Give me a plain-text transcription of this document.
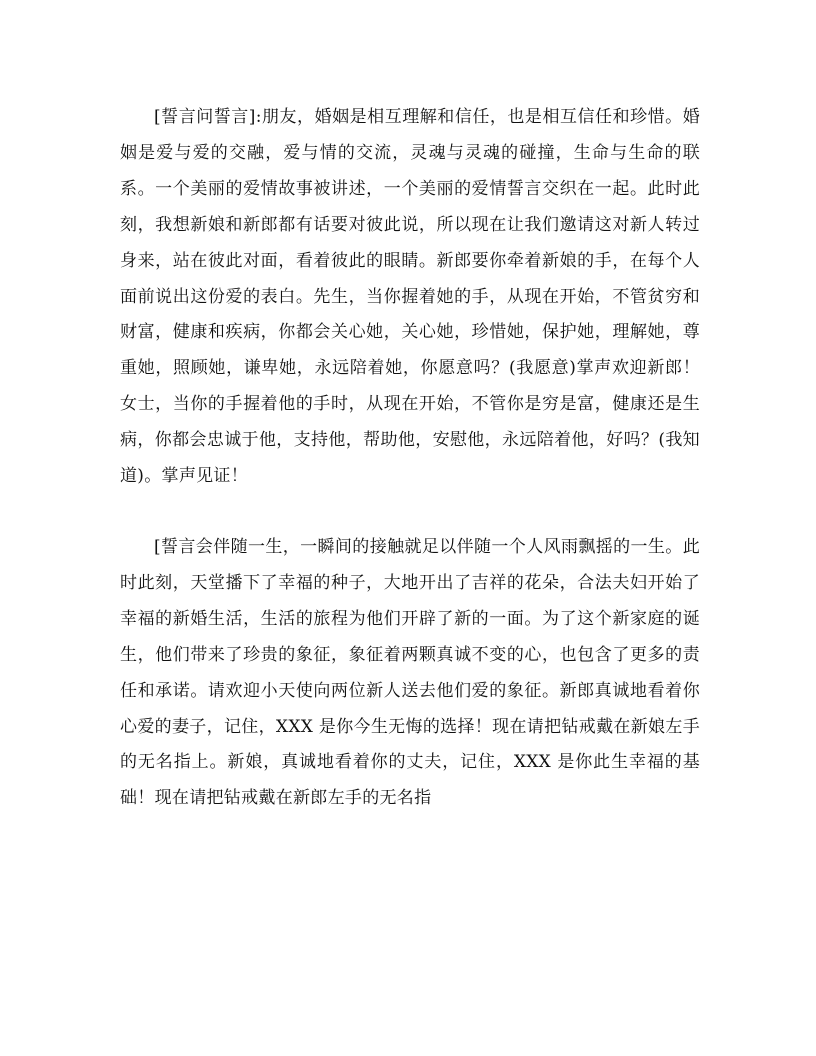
[誓言问誓言]:朋友，婚姻是相互理解和信任，也是相互信任和珍惜。婚姻是爱与爱的交融，爱与情的交流，灵魂与灵魂的碰撞，生命与生命的联系。一个美丽的爱情故事被讲述，一个美丽的爱情誓言交织在一起。此时此刻，我想新娘和新郎都有话要对彼此说，所以现在让我们邀请这对新人转过身来，站在彼此对面，看着彼此的眼睛。新郎要你牵着新娘的手，在每个人面前说出这份爱的表白。先生，当你握着她的手，从现在开始，不管贫穷和财富，健康和疾病，你都会关心她，关心她，珍惜她，保护她，理解她，尊重她，照顾她，谦卑她，永远陪着她，你愿意吗？(我愿意)掌声欢迎新郎！女士，当你的手握着他的手时，从现在开始，不管你是穷是富，健康还是生病，你都会忠诚于他，支持他，帮助他，安慰他，永远陪着他，好吗？(我知道)。掌声见证！

[誓言会伴随一生，一瞬间的接触就足以伴随一个人风雨飘摇的一生。此时此刻，天堂播下了幸福的种子，大地开出了吉祥的花朵，合法夫妇开始了幸福的新婚生活，生活的旅程为他们开辟了新的一面。为了这个新家庭的诞生，他们带来了珍贵的象征，象征着两颗真诚不变的心，也包含了更多的责任和承诺。请欢迎小天使向两位新人送去他们爱的象征。新郎真诚地看着你心爱的妻子，记住，XXX 是你今生无悔的选择！现在请把钻戒戴在新娘左手的无名指上。新娘，真诚地看着你的丈夫，记住，XXX 是你此生幸福的基础！现在请把钻戒戴在新郎左手的无名指
